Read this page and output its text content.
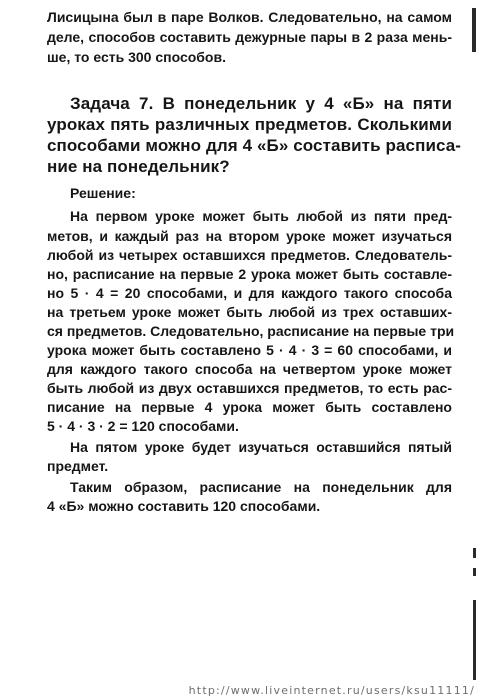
Лисицына был в паре Волков. Следовательно, на самом

деле, способов составить дежурные пары в 2 раза мень-

ше, то есть 300 способов.

Задача 7. В понедельник у 4 «Б» на пяти

уроках пять различных предметов. Сколькими

способами можно для 4 «Б» составить расписа-

ние на понедельник?

Решение:

На первом уроке может быть любой из пяти пред-

метов, и каждый раз на втором уроке может изучаться

любой из четырех оставшихся предметов. Следователь-

но, расписание на первые 2 урока может быть составле-

но 5 · 4 = 20 способами, и для каждого такого способа

на третьем уроке может быть любой из трех оставших-

ся предметов. Следовательно, расписание на первые три

урока может быть составлено 5 · 4 · 3 = 60 способами, и

для каждого такого способа на четвертом уроке может

быть любой из двух оставшихся предметов, то есть рас-

писание на первые 4 урока может быть составлено

5 · 4 · 3 · 2 = 120 способами.

На пятом уроке будет изучаться оставшийся пятый

предмет.

Таким образом, расписание на понедельник для

4 «Б» можно составить 120 способами.

http://www.liveinternet.ru/users/ksu11111/
